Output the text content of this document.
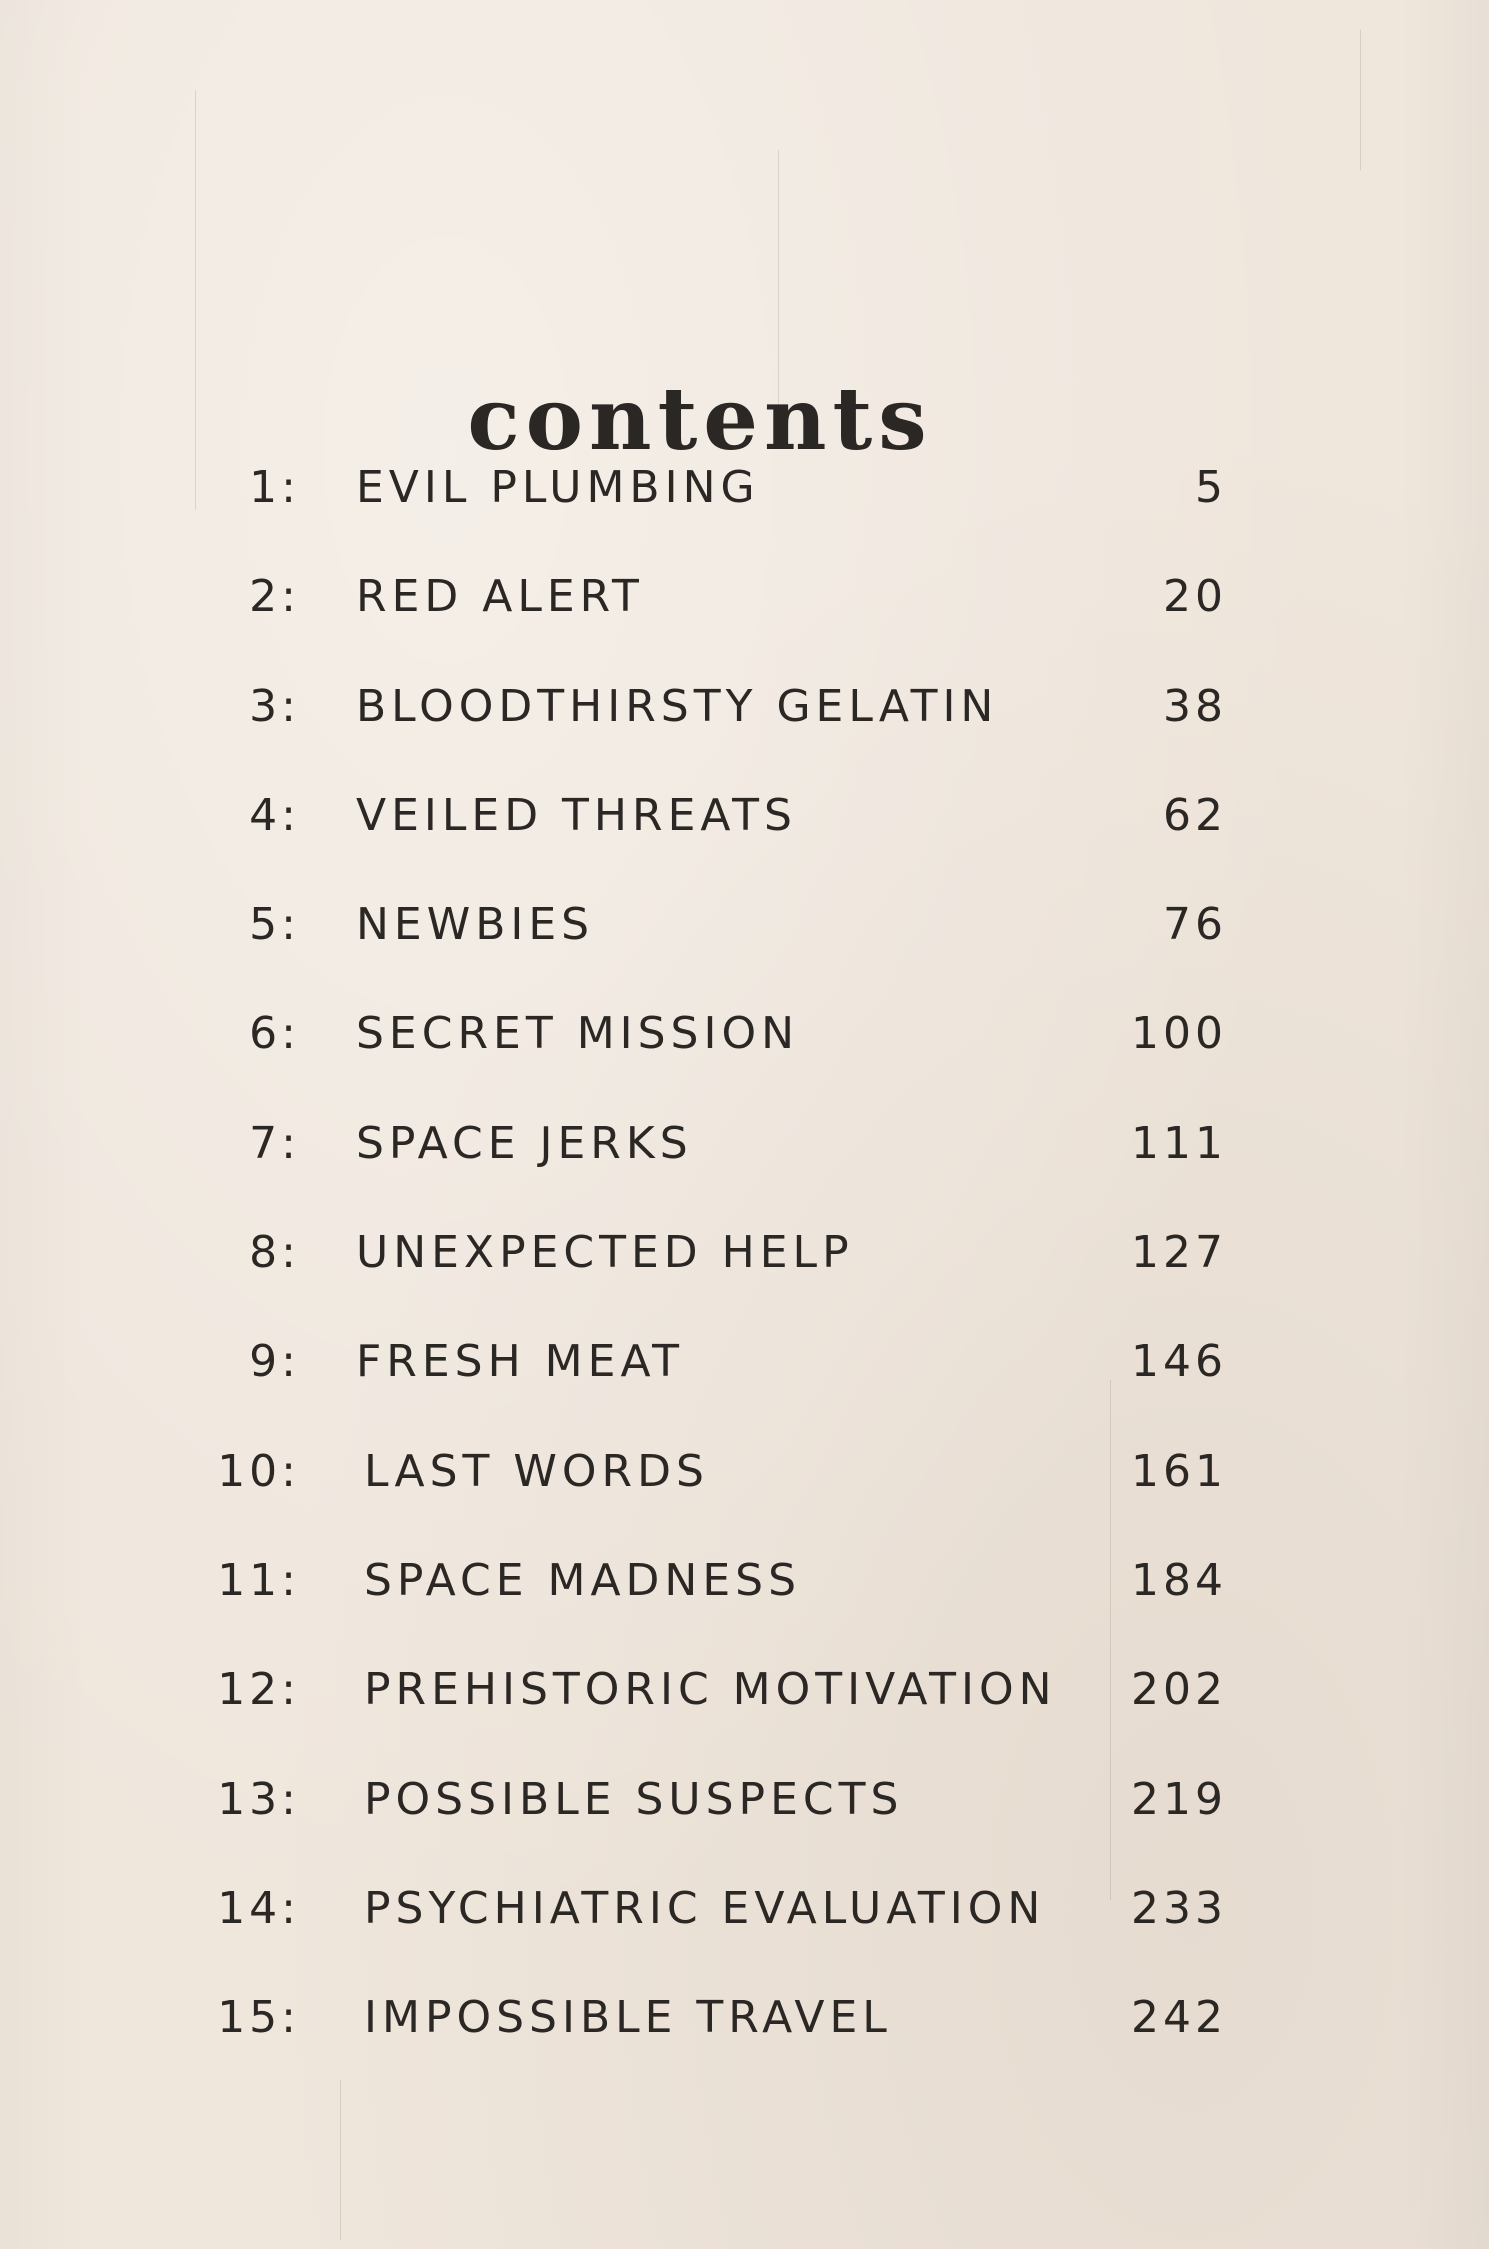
contents
1: EVIL PLUMBING	5
2: RED ALERT	20
3: BLOODTHIRSTY GELATIN	38
4: VEILED THREATS	62
5: NEWBIES	76
6: SECRET MISSION	100
7: SPACE JERKS	111
8: UNEXPECTED HELP	127
9: FRESH MEAT	146
10: LAST WORDS	161
11: SPACE MADNESS	184
12: PREHISTORIC MOTIVATION 202
13: POSSIBLE SUSPECTS	219
14: PSYCHIATRIC EVALUATION 233
15: IMPOSSIBLE TRAVEL	242
